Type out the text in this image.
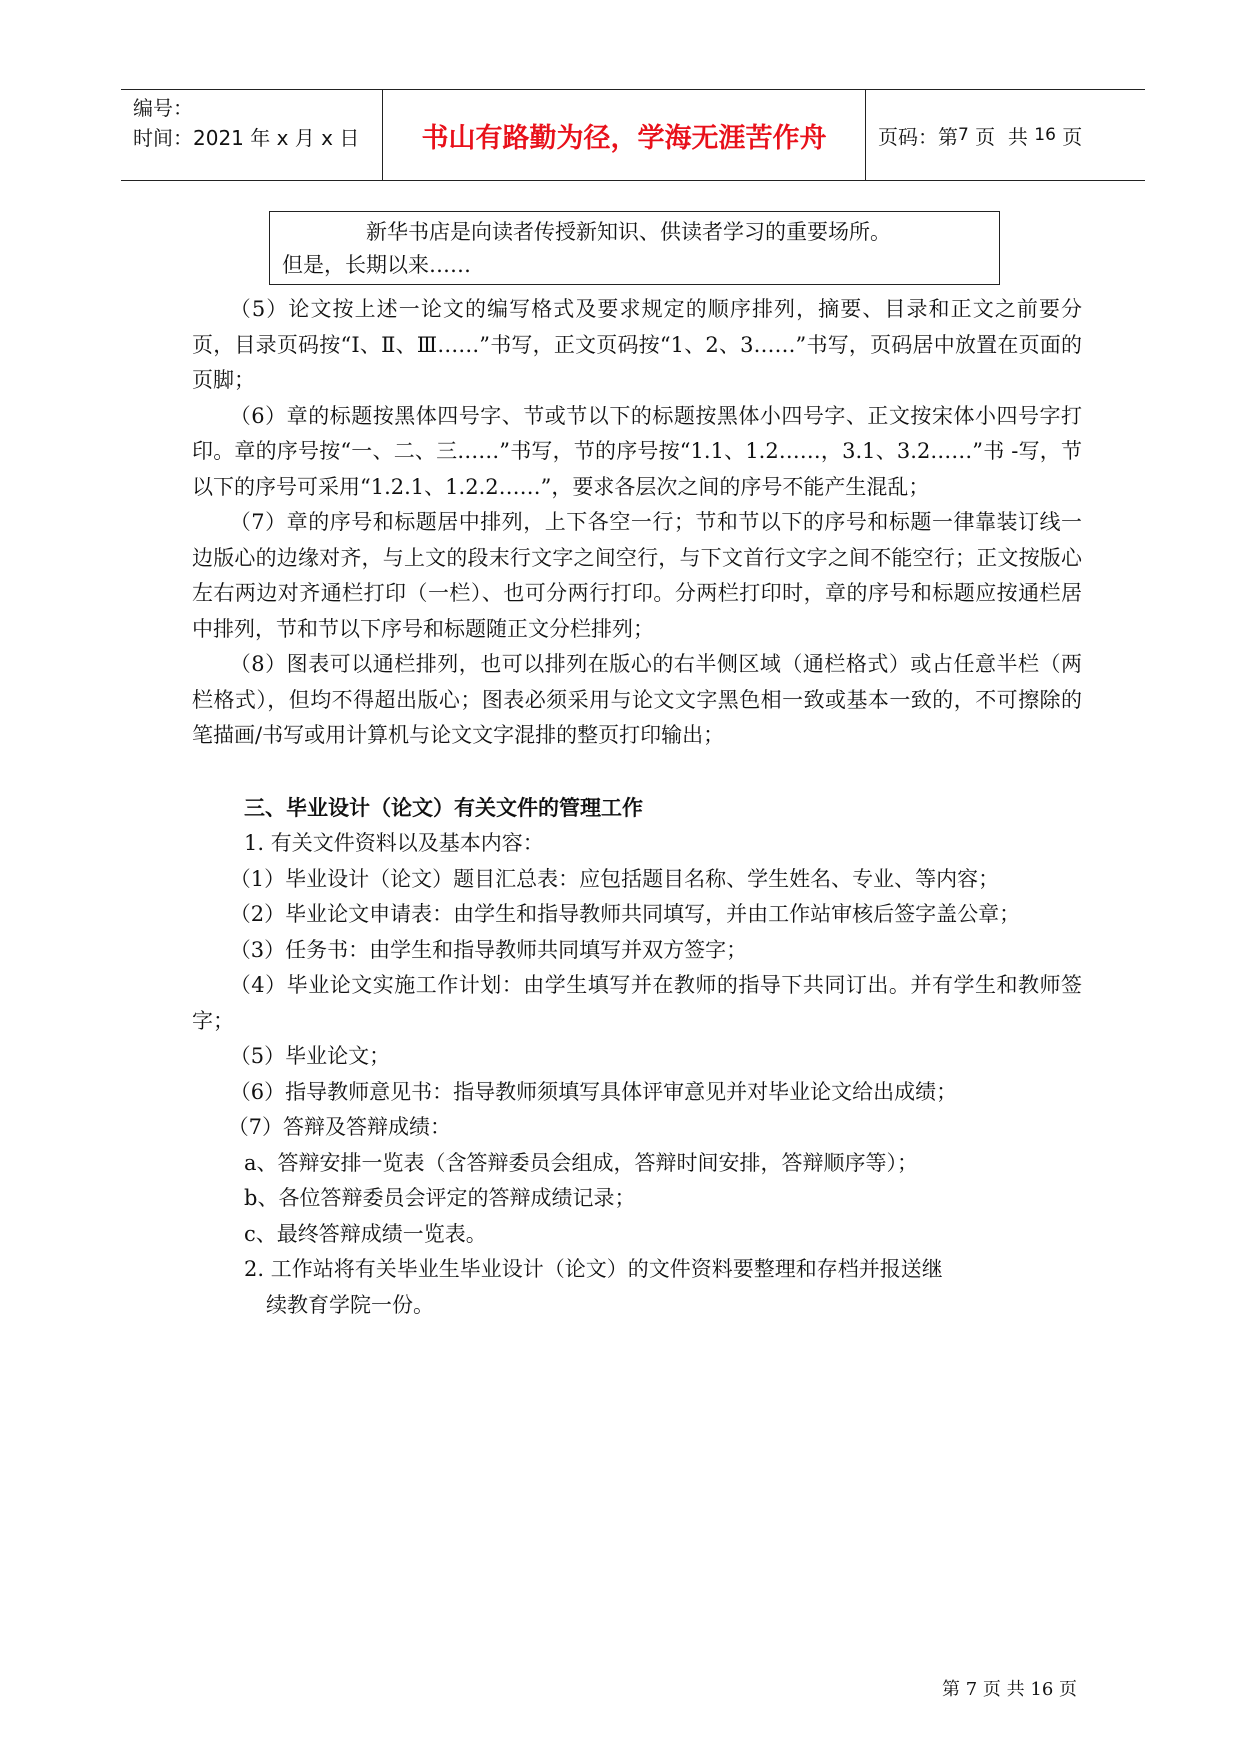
编号：
时间：2021 年 x 月 x 日	书山有路勤为径，学海无涯苦作舟	页码：第 7 页  共 16 页

新华书店是向读者传授新知识、供读者学习的重要场所。

但是，长期以来……

（5）论文按上述一论文的编写格式及要求规定的顺序排列，摘要、目录和正文之前要分页，目录页码按“Ⅰ、Ⅱ、Ⅲ……”书写，正文页码按“1、2、3……”书写，页码居中放置在页面的页脚；

（6）章的标题按黑体四号字、节或节以下的标题按黑体小四号字、正文按宋体小四号字打印。章的序号按“一、二、三……”书写，节的序号按“1.1、1.2……，3.1、3.2……”书 -写，节以下的序号可采用“1.2.1、1.2.2……”，要求各层次之间的序号不能产生混乱；

（7）章的序号和标题居中排列，上下各空一行；节和节以下的序号和标题一律靠装订线一边版心的边缘对齐，与上文的段末行文字之间空行，与下文首行文字之间不能空行；正文按版心左右两边对齐通栏打印（一栏）、也可分两行打印。分两栏打印时，章的序号和标题应按通栏居中排列，节和节以下序号和标题随正文分栏排列；

（8）图表可以通栏排列，也可以排列在版心的右半侧区域（通栏格式）或占任意半栏（两栏格式），但均不得超出版心；图表必须采用与论文文字黑色相一致或基本一致的，不可擦除的笔描画/书写或用计算机与论文文字混排的整页打印输出；

三、毕业设计（论文）有关文件的管理工作

1. 有关文件资料以及基本内容：

（1）毕业设计（论文）题目汇总表：应包括题目名称、学生姓名、专业、等内容；

（2）毕业论文申请表：由学生和指导教师共同填写，并由工作站审核后签字盖公章；

（3）任务书：由学生和指导教师共同填写并双方签字；

（4）毕业论文实施工作计划：由学生填写并在教师的指导下共同订出。并有学生和教师签字；

（5）毕业论文；

（6）指导教师意见书：指导教师须填写具体评审意见并对毕业论文给出成绩；

（7）答辩及答辩成绩：

a、答辩安排一览表（含答辩委员会组成，答辩时间安排，答辩顺序等）；

b、各位答辩委员会评定的答辩成绩记录；

c、最终答辩成绩一览表。

2. 工作站将有关毕业生毕业设计（论文）的文件资料要整理和存档并报送继
续教育学院一份。

第 7 页 共 16 页
